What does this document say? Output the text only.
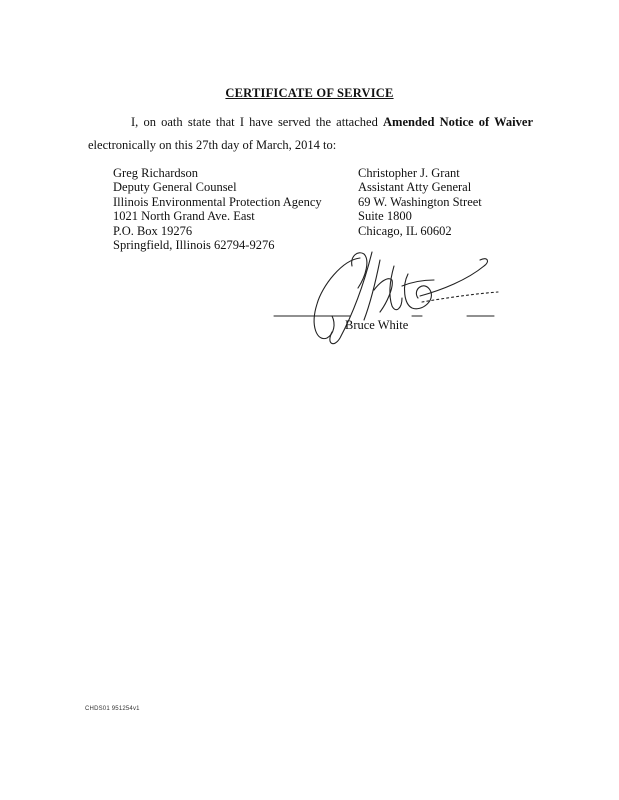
CERTIFICATE OF SERVICE
I, on oath state that I have served the attached Amended Notice of Waiver electronically on this 27th day of March, 2014 to:
Greg Richardson
Deputy General Counsel
Illinois Environmental Protection Agency
1021 North Grand Ave. East
P.O. Box 19276
Springfield, Illinois 62794-9276
Christopher J. Grant
Assistant Atty General
69 W. Washington Street
Suite 1800
Chicago, IL 60602
Bruce White
CHDS01 951254v1
